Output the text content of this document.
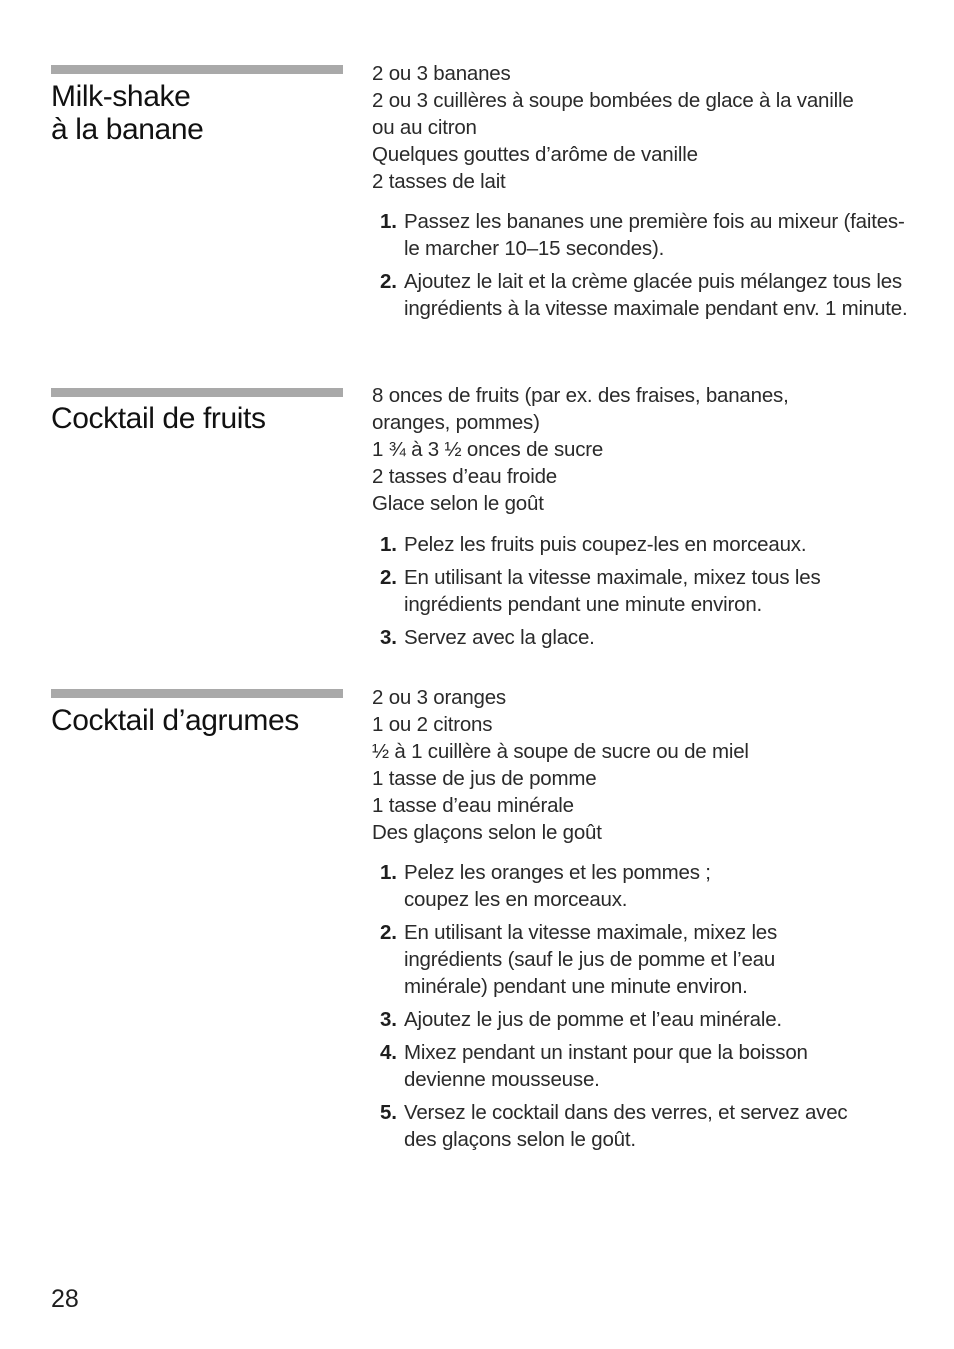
Milk-shake
à la banane
2 ou 3 bananes
2 ou 3 cuillères à soupe bombées de glace à la vanille
ou au citron
Quelques gouttes d’arôme de vanille
2 tasses de lait
1. Passez les bananes une première fois au mixeur (faites-le marcher 10–15 secondes).
2. Ajoutez le lait et la crème glacée puis mélangez tous les ingrédients à la vitesse maximale pendant env. 1 minute.
Cocktail de fruits
8 onces de fruits (par ex. des fraises, bananes,
oranges, pommes)
1 ¾ à 3 ½ onces de sucre
2 tasses d’eau froide
Glace selon le goût
1. Pelez les fruits puis coupez-les en morceaux.
2. En utilisant la vitesse maximale, mixez tous les ingrédients pendant une minute environ.
3. Servez avec la glace.
Cocktail d’agrumes
2 ou 3 oranges
1 ou 2 citrons
½ à 1 cuillère à soupe de sucre ou de miel
1 tasse de jus de pomme
1 tasse d’eau minérale
Des glaçons selon le goût
1. Pelez les oranges et les pommes ; coupez les en morceaux.
2. En utilisant la vitesse maximale, mixez les ingrédients (sauf le jus de pomme et l’eau minérale) pendant une minute environ.
3. Ajoutez le jus de pomme et l’eau minérale.
4. Mixez pendant un instant pour que la boisson devienne mousseuse.
5. Versez le cocktail dans des verres, et servez avec des glaçons selon le goût.
28
